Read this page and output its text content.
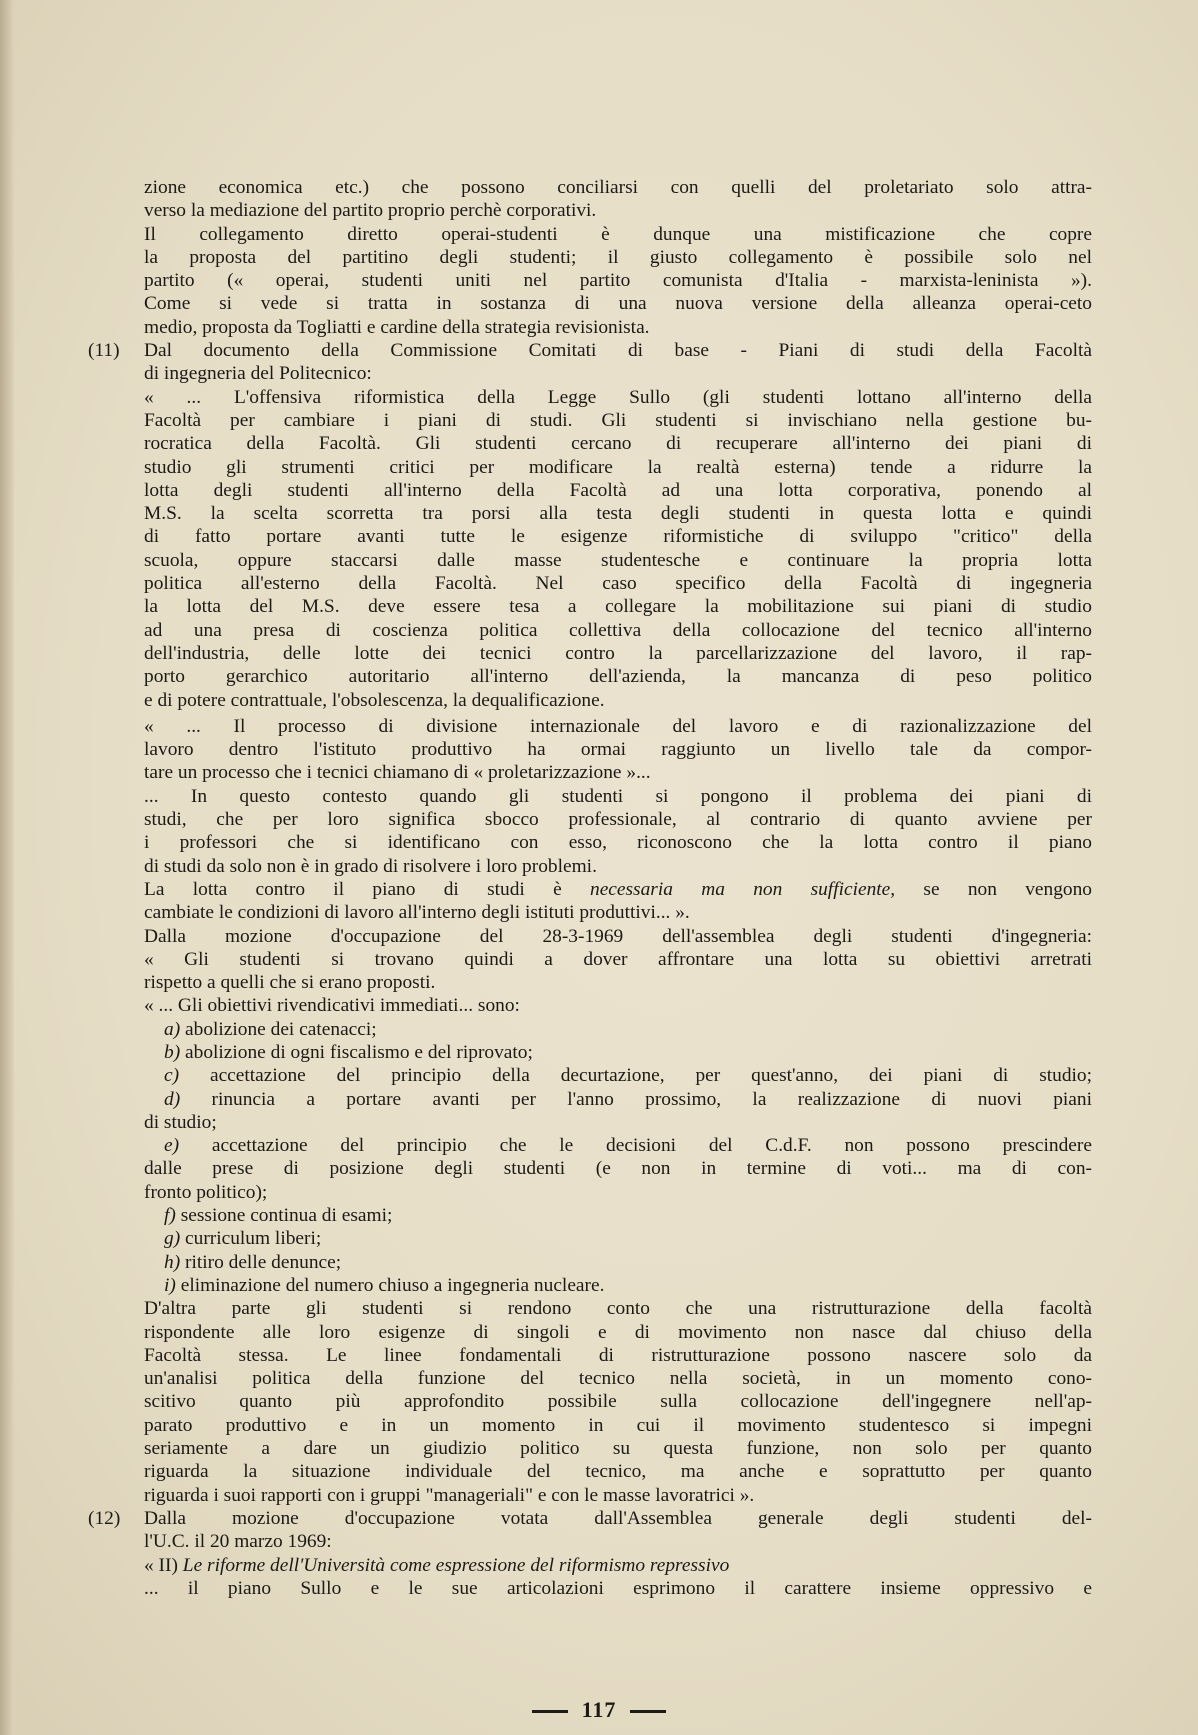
zione economica etc.) che possono conciliarsi con quelli del proletariato solo attra-
verso la mediazione del partito proprio perchè corporativi.
Il collegamento diretto operai-studenti è dunque una mistificazione che copre
la proposta del partitino degli studenti; il giusto collegamento è possibile solo nel
partito (« operai, studenti uniti nel partito comunista d'Italia - marxista-leninista »).
Come si vede si tratta in sostanza di una nuova versione della alleanza operai-ceto
medio, proposta da Togliatti e cardine della strategia revisionista.
(11) Dal documento della Commissione Comitati di base - Piani di studi della Facoltà
di ingegneria del Politecnico:
« ... L'offensiva riformistica della Legge Sullo (gli studenti lottano all'interno della
Facoltà per cambiare i piani di studi. Gli studenti si invischiano nella gestione bu-
rocratica della Facoltà. Gli studenti cercano di recuperare all'interno dei piani di
studio gli strumenti critici per modificare la realtà esterna) tende a ridurre la
lotta degli studenti all'interno della Facoltà ad una lotta corporativa, ponendo al
M.S. la scelta scorretta tra porsi alla testa degli studenti in questa lotta e quindi
di fatto portare avanti tutte le esigenze riformistiche di sviluppo "critico" della
scuola, oppure staccarsi dalle masse studentesche e continuare la propria lotta
politica all'esterno della Facoltà. Nel caso specifico della Facoltà di ingegneria
la lotta del M.S. deve essere tesa a collegare la mobilitazione sui piani di studio
ad una presa di coscienza politica collettiva della collocazione del tecnico all'interno
dell'industria, delle lotte dei tecnici contro la parcellarizzazione del lavoro, il rap-
porto gerarchico autoritario all'interno dell'azienda, la mancanza di peso politico
e di potere contrattuale, l'obsolescenza, la dequalificazione.
« ... Il processo di divisione internazionale del lavoro e di razionalizzazione del
lavoro dentro l'istituto produttivo ha ormai raggiunto un livello tale da compor-
tare un processo che i tecnici chiamano di « proletarizzazione »...
... In questo contesto quando gli studenti si pongono il problema dei piani di
studi, che per loro significa sbocco professionale, al contrario di quanto avviene per
i professori che si identificano con esso, riconoscono che la lotta contro il piano
di studi da solo non è in grado di risolvere i loro problemi.
La lotta contro il piano di studi è necessaria ma non sufficiente, se non vengono
cambiate le condizioni di lavoro all'interno degli istituti produttivi... ».
Dalla mozione d'occupazione del 28-3-1969 dell'assemblea degli studenti d'ingegneria:
« Gli studenti si trovano quindi a dover affrontare una lotta su obiettivi arretrati
rispetto a quelli che si erano proposti.
« ... Gli obiettivi rivendicativi immediati... sono:
a) abolizione dei catenacci;
b) abolizione di ogni fiscalismo e del riprovato;
c) accettazione del principio della decurtazione, per quest'anno, dei piani di studio;
d) rinuncia a portare avanti per l'anno prossimo, la realizzazione di nuovi piani
di studio;
e) accettazione del principio che le decisioni del C.d.F. non possono prescindere
dalle prese di posizione degli studenti (e non in termine di voti... ma di con-
fronto politico);
f) sessione continua di esami;
g) curriculum liberi;
h) ritiro delle denunce;
i) eliminazione del numero chiuso a ingegneria nucleare.
D'altra parte gli studenti si rendono conto che una ristrutturazione della facoltà
rispondente alle loro esigenze di singoli e di movimento non nasce dal chiuso della
Facoltà stessa. Le linee fondamentali di ristrutturazione possono nascere solo da
un'analisi politica della funzione del tecnico nella società, in un momento cono-
scitivo quanto più approfondito possibile sulla collocazione dell'ingegnere nell'ap-
parato produttivo e in un momento in cui il movimento studentesco si impegni
seriamente a dare un giudizio politico su questa funzione, non solo per quanto
riguarda la situazione individuale del tecnico, ma anche e soprattutto per quanto
riguarda i suoi rapporti con i gruppi "manageriali" e con le masse lavoratrici ».
(12) Dalla mozione d'occupazione votata dall'Assemblea generale degli studenti del-
l'U.C. il 20 marzo 1969:
« II) Le riforme dell'Università come espressione del riformismo repressivo
... il piano Sullo e le sue articolazioni esprimono il carattere insieme oppressivo e
117
